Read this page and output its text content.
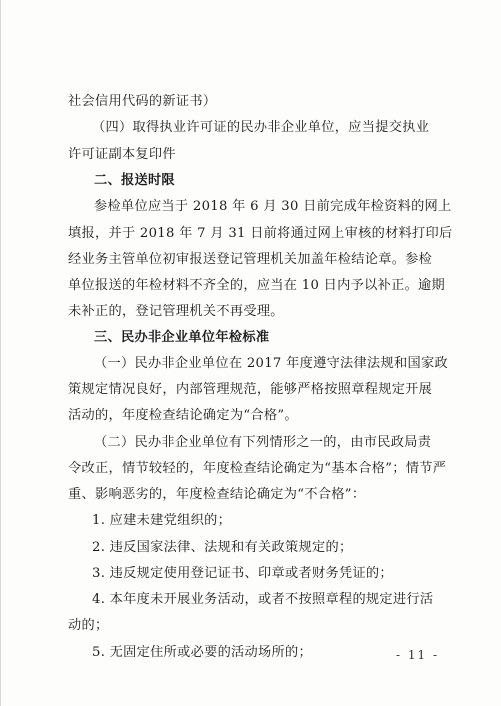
社会信用代码的新证书）
（四）取得执业许可证的民办非企业单位，应当提交执业
许可证副本复印件
二、报送时限
参检单位应当于 2018 年 6 月 30 日前完成年检资料的网上
填报，并于 2018 年 7 月 31 日前将通过网上审核的材料打印后
经业务主管单位初审报送登记管理机关加盖年检结论章。参检
单位报送的年检材料不齐全的，应当在 10 日内予以补正。逾期
未补正的，登记管理机关不再受理。
三、民办非企业单位年检标准
（一）民办非企业单位在 2017 年度遵守法律法规和国家政
策规定情况良好，内部管理规范，能够严格按照章程规定开展
活动的，年度检查结论确定为“合格”。
（二）民办非企业单位有下列情形之一的，由市民政局责
令改正，情节较轻的，年度检查结论确定为“基本合格”；情节严
重、影响恶劣的，年度检查结论确定为“不合格”：
1. 应建未建党组织的；
2. 违反国家法律、法规和有关政策规定的；
3. 违反规定使用登记证书、印章或者财务凭证的；
4. 本年度未开展业务活动，或者不按照章程的规定进行活
动的；
5. 无固定住所或必要的活动场所的；	- 11 -
